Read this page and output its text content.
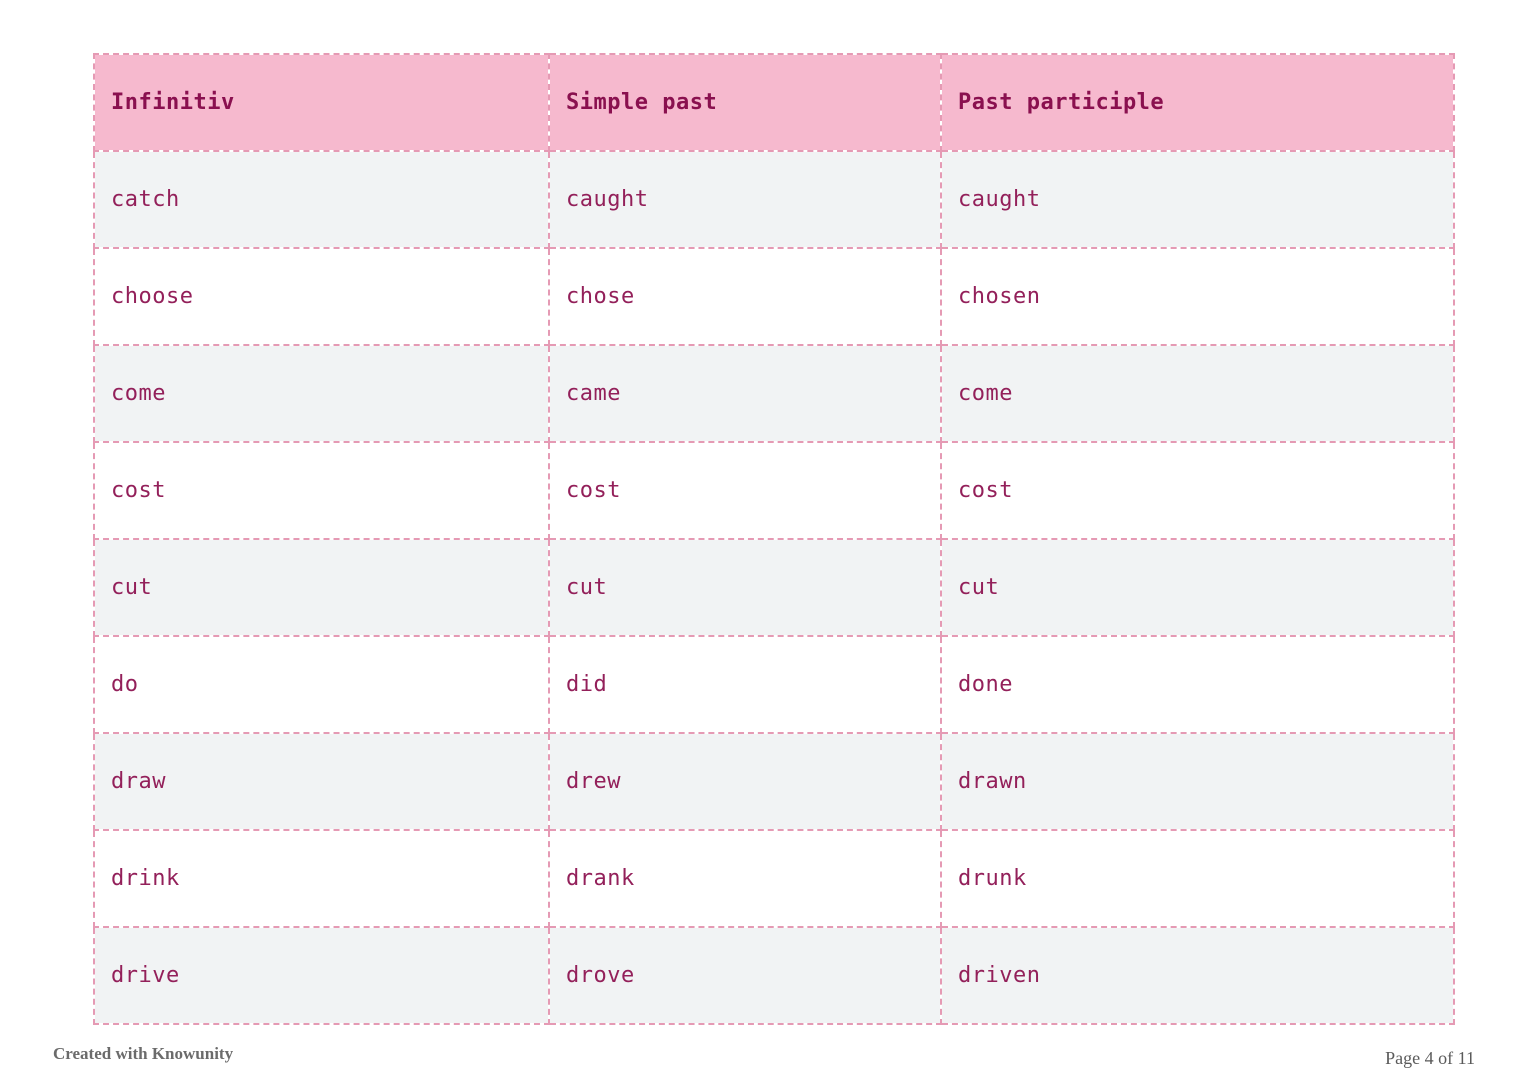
Infinitiv	Simple past	Past participle
catch	caught	caught
choose	chose	chosen
come	came	come
cost	cost	cost
cut	cut	cut
do	did	done
draw	drew	drawn
drink	drank	drunk
drive	drove	driven
Created with Knowunity	Page 4 of 11
